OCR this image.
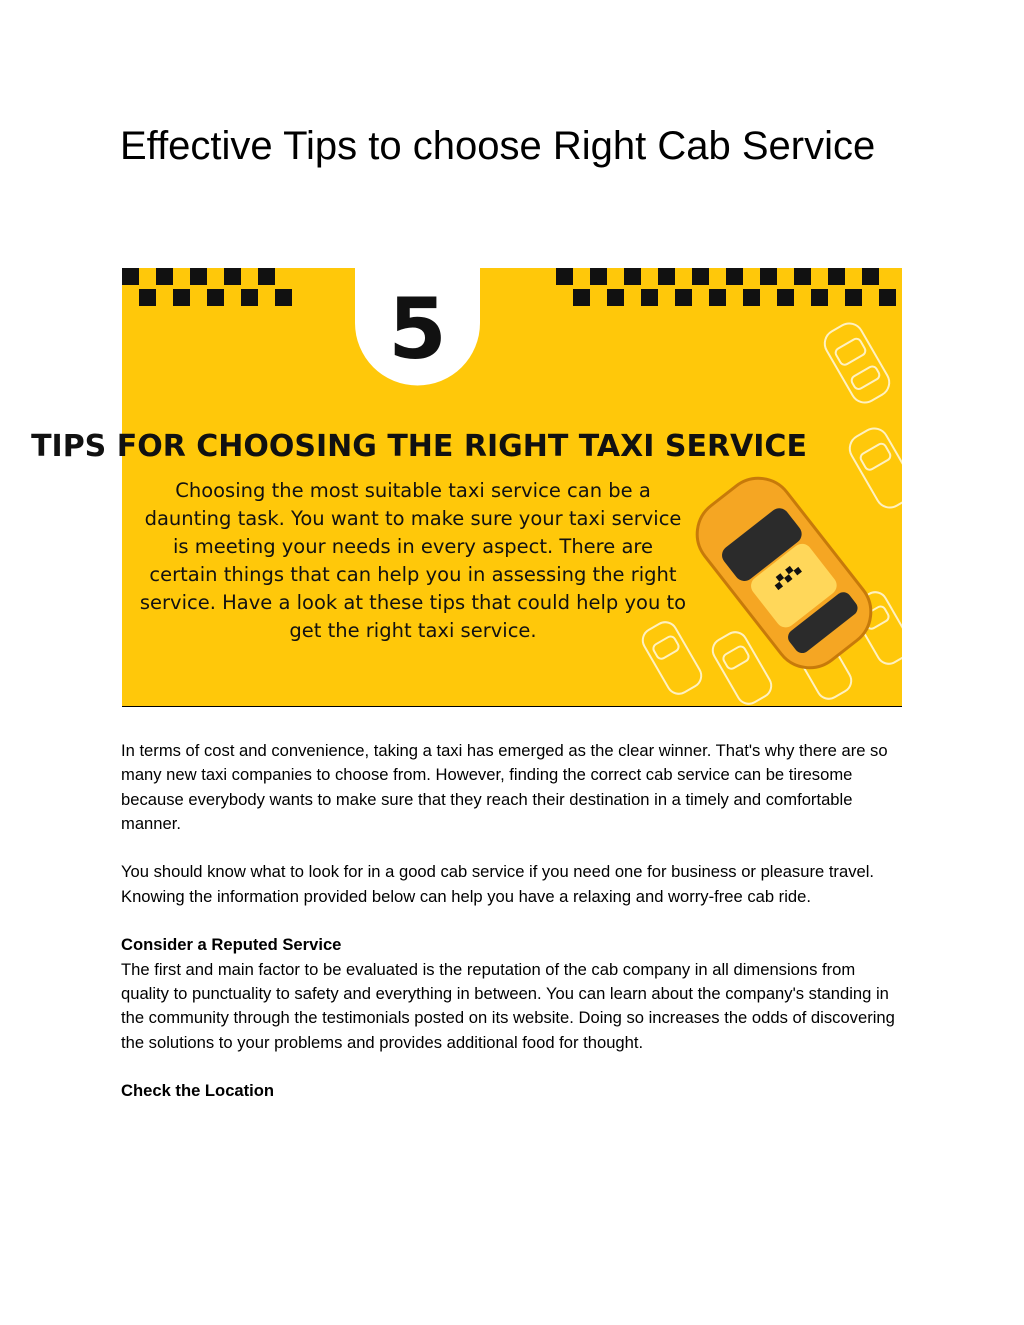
Effective Tips to choose Right Cab Service
5
TIPS FOR CHOOSING THE RIGHT TAXI SERVICE
Choosing the most suitable taxi service can be a
daunting task. You want to make sure your taxi service
is meeting your needs in every aspect. There are
certain things that can help you in assessing the right
service. Have a look at these tips that could help you to
get the right taxi service.

In terms of cost and convenience, taking a taxi has emerged as the clear winner. That's why there are so many new taxi companies to choose from. However, finding the correct cab service can be tiresome because everybody wants to make sure that they reach their destination in a timely and comfortable manner.

You should know what to look for in a good cab service if you need one for business or pleasure travel. Knowing the information provided below can help you have a relaxing and worry-free cab ride.

Consider a Reputed Service

The first and main factor to be evaluated is the reputation of the cab company in all dimensions from quality to punctuality to safety and everything in between. You can learn about the company's standing in the community through the testimonials posted on its website. Doing so increases the odds of discovering the solutions to your problems and provides additional food for thought.

Check the Location
